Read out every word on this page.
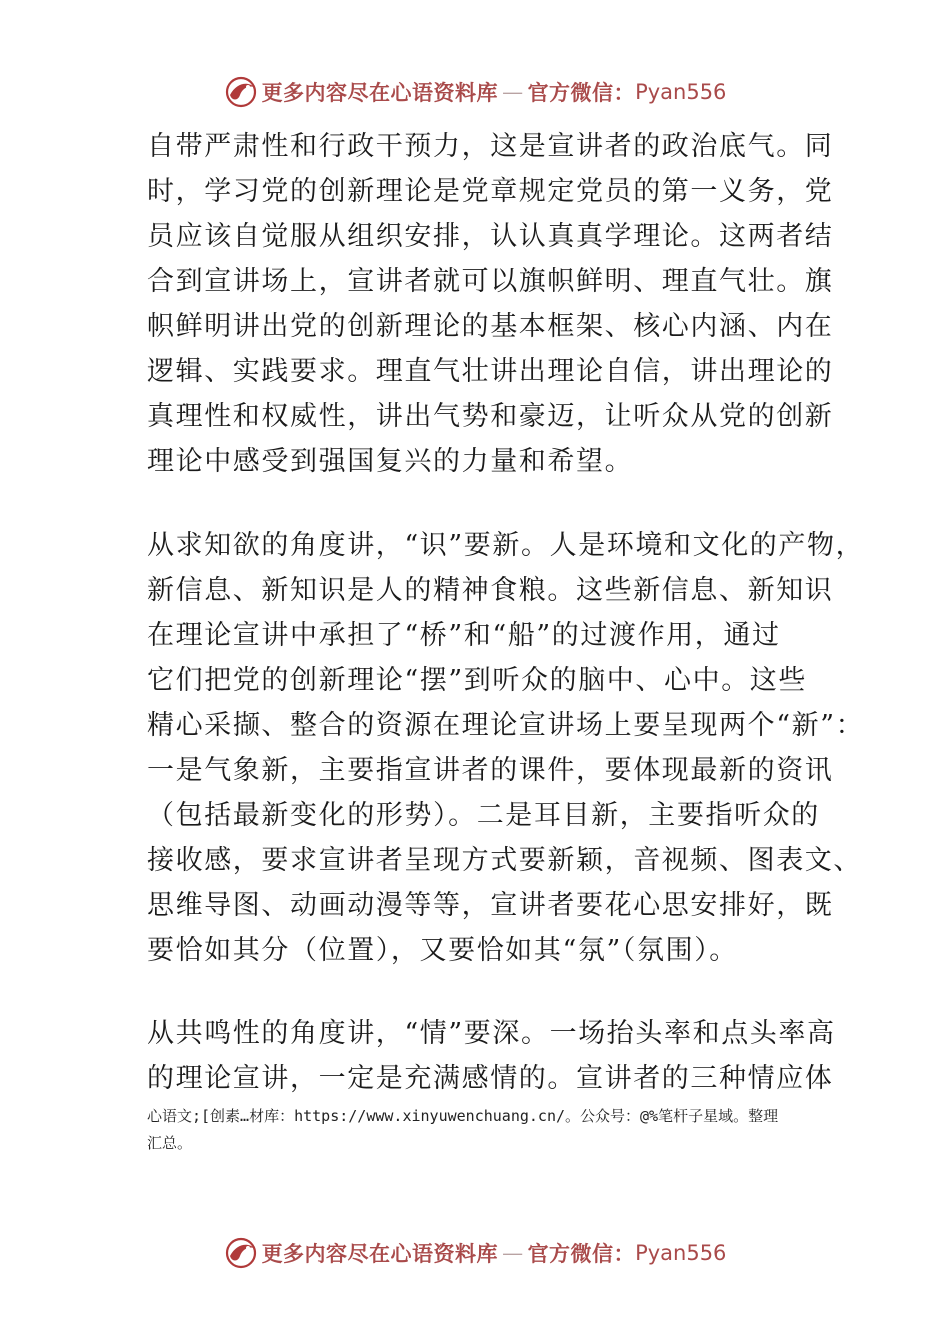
更多内容尽在心语资料库 — 官方微信： Pyan556
自带严肃性和行政干预力，这是宣讲者的政治底气。同
时，学习党的创新理论是党章规定党员的第一义务，党
员应该自觉服从组织安排，认认真真学理论。这两者结
合到宣讲场上，宣讲者就可以旗帜鲜明、理直气壮。旗
帜鲜明讲出党的创新理论的基本框架、核心内涵、内在
逻辑、实践要求。理直气壮讲出理论自信，讲出理论的
真理性和权威性，讲出气势和豪迈，让听众从党的创新
理论中感受到强国复兴的力量和希望。
从求知欲的角度讲，“识”要新。人是环境和文化的产物，
新信息、新知识是人的精神食粮。这些新信息、新知识
在理论宣讲中承担了“桥”和“船”的过渡作用，通过
它们把党的创新理论“摆”到听众的脑中、心中。这些
精心采撷、整合的资源在理论宣讲场上要呈现两个“新”：
一是气象新，主要指宣讲者的课件，要体现最新的资讯
（包括最新变化的形势）。二是耳目新，主要指听众的
接收感，要求宣讲者呈现方式要新颖，音视频、图表文、
思维导图、动画动漫等等，宣讲者要花心思安排好，既
要恰如其分（位置），又要恰如其“氛”（氛围）。
从共鸣性的角度讲，“情”要深。一场抬头率和点头率高
的理论宣讲，一定是充满感情的。宣讲者的三种情应体
心语文;[创素…材库：https://www.xinyuwenchuang.cn/。公众号：@%笔杆子星域。整理
汇总。
更多内容尽在心语资料库 — 官方微信： Pyan556
